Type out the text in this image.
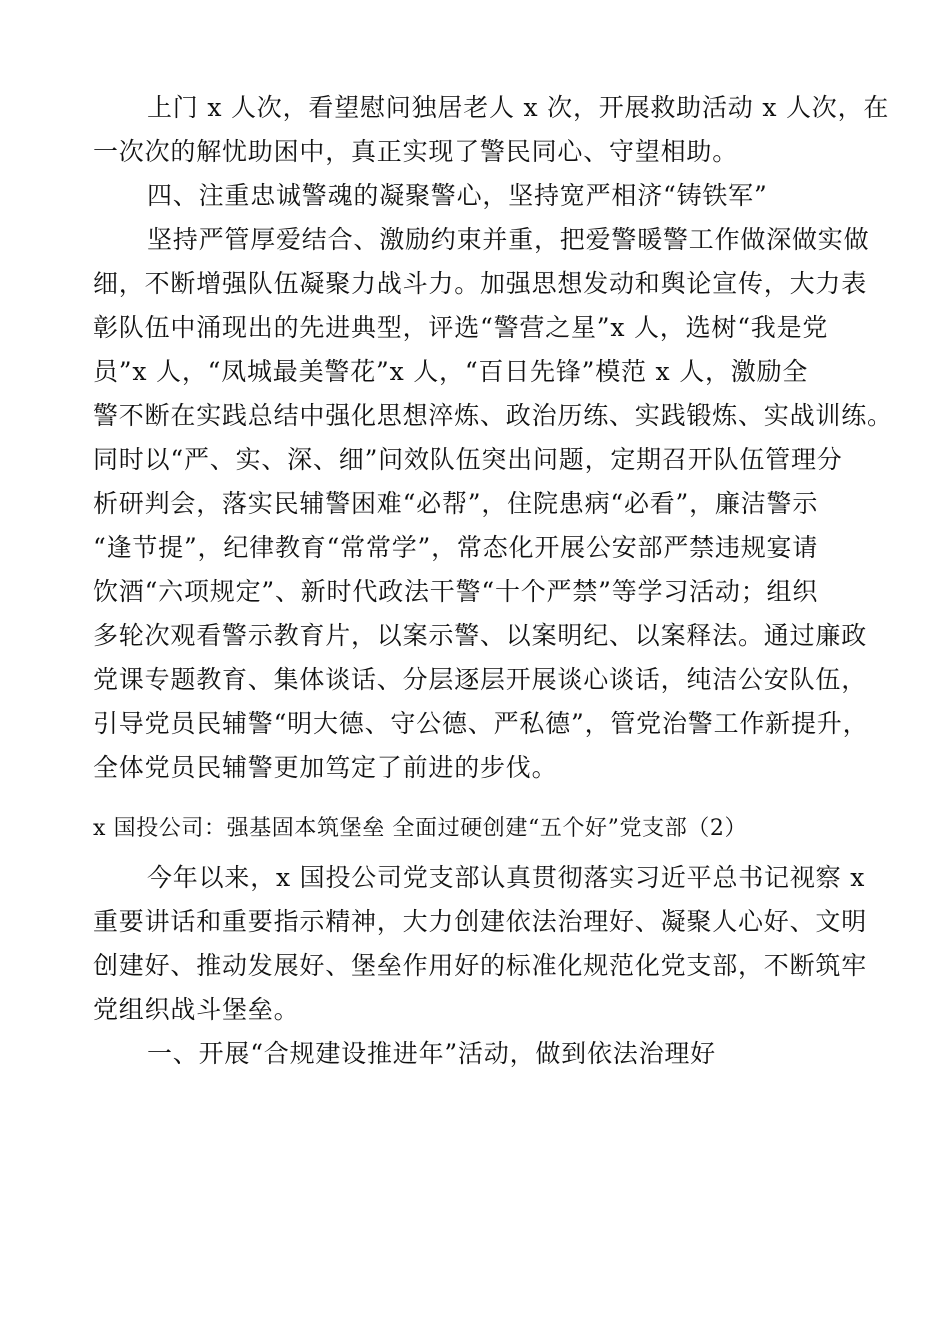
上门 x 人次，看望慰问独居老人 x 次，开展救助活动 x 人次，在
一次次的解忧助困中，真正实现了警民同心、守望相助。
四、注重忠诚警魂的凝聚警心，坚持宽严相济“铸铁军”
坚持严管厚爱结合、激励约束并重，把爱警暖警工作做深做实做
细，不断增强队伍凝聚力战斗力。加强思想发动和舆论宣传，大力表
彰队伍中涌现出的先进典型，评选“警营之星”x 人，选树“我是党
员”x 人，“凤城最美警花”x 人，“百日先锋”模范 x 人，激励全
警不断在实践总结中强化思想淬炼、政治历练、实践锻炼、实战训练。
同时以“严、实、深、细”问效队伍突出问题，定期召开队伍管理分
析研判会，落实民辅警困难“必帮”，住院患病“必看”，廉洁警示
“逢节提”，纪律教育“常常学”，常态化开展公安部严禁违规宴请
饮酒“六项规定”、新时代政法干警“十个严禁”等学习活动；组织
多轮次观看警示教育片，以案示警、以案明纪、以案释法。通过廉政
党课专题教育、集体谈话、分层逐层开展谈心谈话，纯洁公安队伍，
引导党员民辅警“明大德、守公德、严私德”，管党治警工作新提升，
全体党员民辅警更加笃定了前进的步伐。
x 国投公司：强基固本筑堡垒 全面过硬创建“五个好”党支部（2）
今年以来，x 国投公司党支部认真贯彻落实习近平总书记视察 x
重要讲话和重要指示精神，大力创建依法治理好、凝聚人心好、文明
创建好、推动发展好、堡垒作用好的标准化规范化党支部，不断筑牢
党组织战斗堡垒。
一、开展“合规建设推进年”活动，做到依法治理好
